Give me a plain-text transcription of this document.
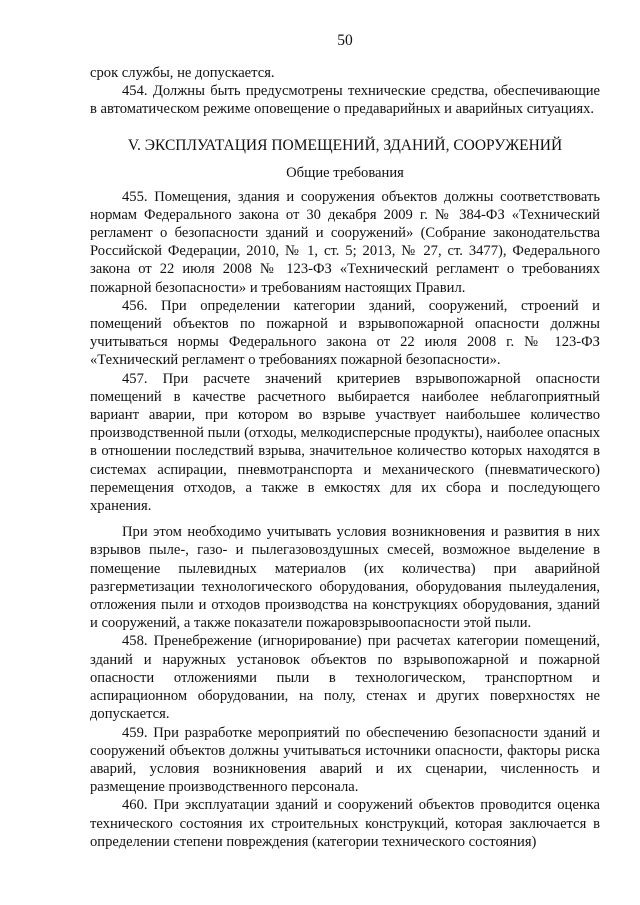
50

срок службы, не допускается.

454. Должны быть предусмотрены технические средства, обеспечивающие в автоматическом режиме оповещение о предаварийных и аварийных ситуациях.

V. ЭКСПЛУАТАЦИЯ ПОМЕЩЕНИЙ, ЗДАНИЙ, СООРУЖЕНИЙ
Общие требования

455. Помещения, здания и сооружения объектов должны соответствовать нормам Федерального закона от 30 декабря 2009 г. № 384-ФЗ «Технический регламент о безопасности зданий и сооружений» (Собрание законодательства Российской Федерации, 2010, № 1, ст. 5; 2013, № 27, ст. 3477), Федерального закона от 22 июля 2008 № 123-ФЗ «Технический регламент о требованиях пожарной безопасности» и требованиям настоящих Правил.

456. При определении категории зданий, сооружений, строений и помещений объектов по пожарной и взрывопожарной опасности должны учитываться нормы Федерального закона от 22 июля 2008 г. № 123-ФЗ «Технический регламент о требованиях пожарной безопасности».

457. При расчете значений критериев взрывопожарной опасности помещений в качестве расчетного выбирается наиболее неблагоприятный вариант аварии, при котором во взрыве участвует наибольшее количество производственной пыли (отходы, мелкодисперсные продукты), наиболее опасных в отношении последствий взрыва, значительное количество которых находятся в системах аспирации, пневмотранспорта и механического (пневматического) перемещения отходов, а также в емкостях для их сбора и последующего хранения.

При этом необходимо учитывать условия возникновения и развития в них взрывов пыле-, газо- и пылегазовоздушных смесей, возможное выделение в помещение пылевидных материалов (их количества) при аварийной разгерметизации технологического оборудования, оборудования пылеудаления, отложения пыли и отходов производства на конструкциях оборудования, зданий и сооружений, а также показатели пожаровзрывоопасности этой пыли.

458. Пренебрежение (игнорирование) при расчетах категории помещений, зданий и наружных установок объектов по взрывопожарной и пожарной опасности отложениями пыли в технологическом, транспортном и аспирационном оборудовании, на полу, стенах и других поверхностях не допускается.

459. При разработке мероприятий по обеспечению безопасности зданий и сооружений объектов должны учитываться источники опасности, факторы риска аварий, условия возникновения аварий и их сценарии, численность и размещение производственного персонала.

460. При эксплуатации зданий и сооружений объектов проводится оценка технического состояния их строительных конструкций, которая заключается в определении степени повреждения (категории технического состояния)
